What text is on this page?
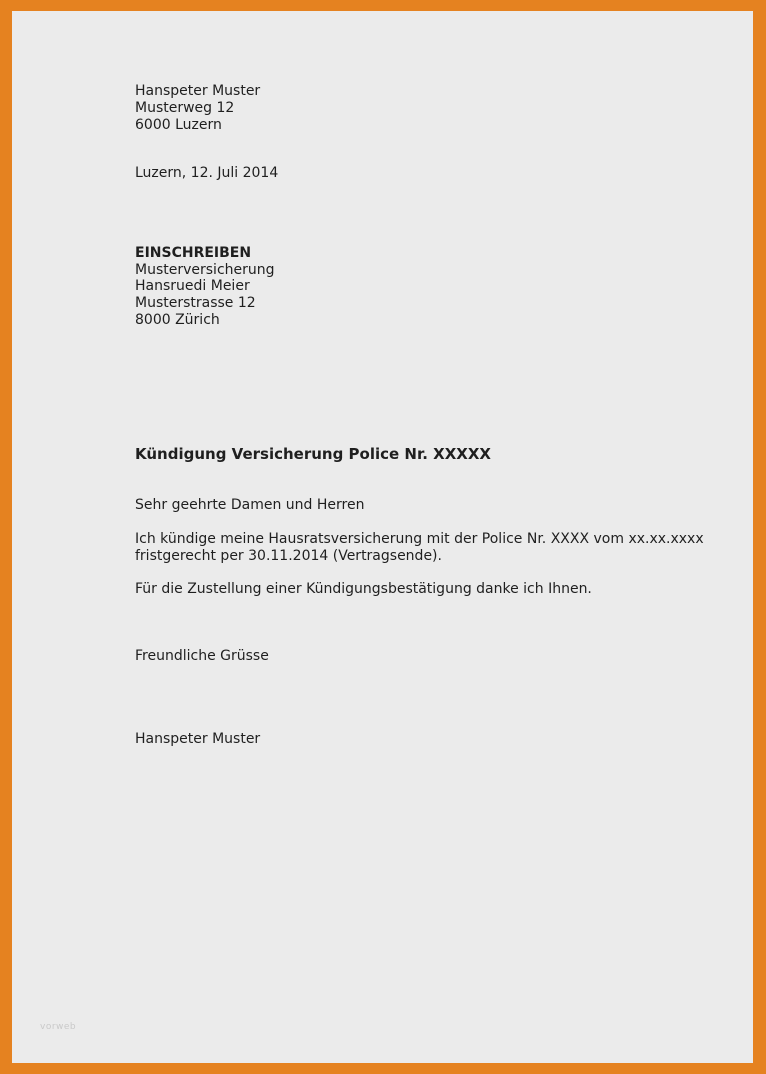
Hanspeter Muster

Musterweg 12

6000 Luzern

Luzern, 12. Juli 2014

EINSCHREIBEN

Musterversicherung

Hansruedi Meier

Musterstrasse 12

8000 Zürich

Kündigung Versicherung Police Nr. XXXXX

Sehr geehrte Damen und Herren

Ich kündige meine Hausratsversicherung mit der Police Nr. XXXX vom xx.xx.xxxx

fristgerecht per 30.11.2014 (Vertragsende).

Für die Zustellung einer Kündigungsbestätigung danke ich Ihnen.

Freundliche Grüsse

Hanspeter Muster

vorweb
